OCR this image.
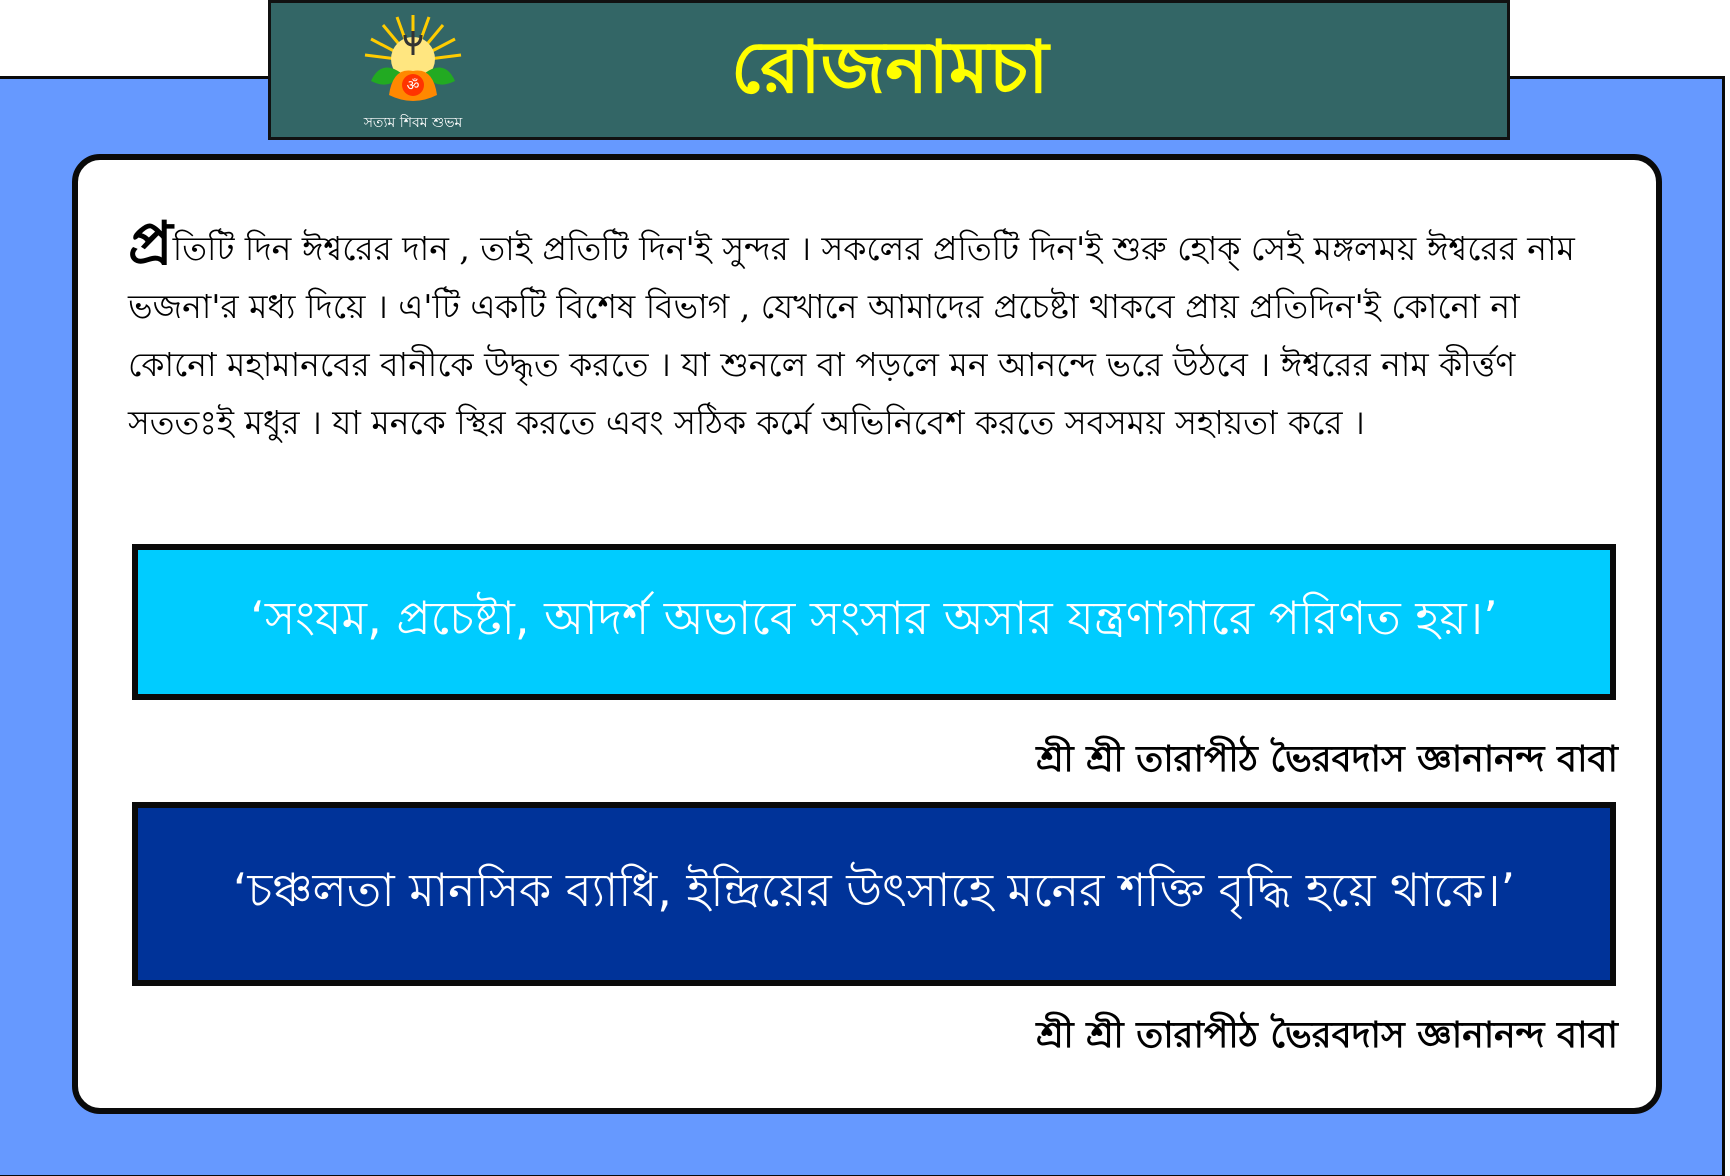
ॐ
সত্যম শিবম শুভম
রোজনামচা
প্রতিটি দিন ঈশ্বরের দান , তাই প্রতিটি দিন'ই সুন্দর । সকলের প্রতিটি দিন'ই শুরু হোক্ সেই মঙ্গলময় ঈশ্বরের নাম ভজনা'র মধ্য দিয়ে । এ'টি একটি বিশেষ বিভাগ , যেখানে আমাদের প্রচেষ্টা থাকবে প্রায় প্রতিদিন'ই কোনো না কোনো মহামানবের বানীকে উদ্ধৃত করতে । যা শুনলে বা পড়লে মন আনন্দে ভরে উঠবে । ঈশ্বরের নাম কীর্ত্তণ সততঃই মধুর । যা মনকে স্থির করতে এবং সঠিক কর্মে অভিনিবেশ করতে সবসময় সহায়তা করে ।
‘সংযম, প্রচেষ্টা, আদর্শ অভাবে সংসার অসার যন্ত্রণাগারে পরিণত হয়।’
শ্রী শ্রী তারাপীঠ ভৈরবদাস জ্ঞানানন্দ বাবা
‘চঞ্চলতা মানসিক ব্যাধি, ইন্দ্রিয়ের উৎসাহে মনের শক্তি বৃদ্ধি হয়ে থাকে।’
শ্রী শ্রী তারাপীঠ ভৈরবদাস জ্ঞানানন্দ বাবা
